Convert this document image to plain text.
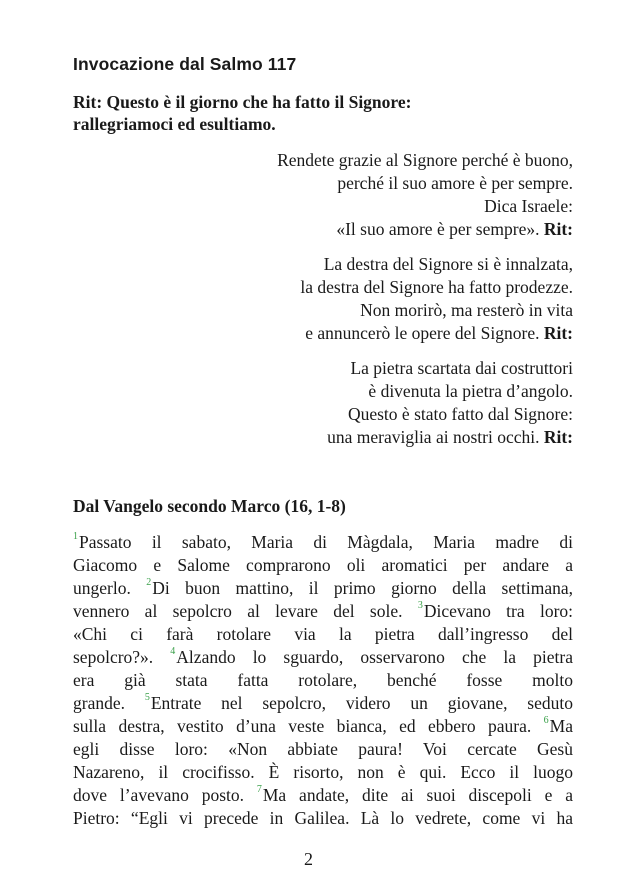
Invocazione dal Salmo 117
Rit: Questo è il giorno che ha fatto il Signore:
rallegriamoci ed esultiamo.
Rendete grazie al Signore perché è buono,
perché il suo amore è per sempre.
Dica Israele:
«Il suo amore è per sempre». Rit:
La destra del Signore si è innalzata,
la destra del Signore ha fatto prodezze.
Non morirò, ma resterò in vita
e annuncerò le opere del Signore. Rit:
La pietra scartata dai costruttori
è divenuta la pietra d’angolo.
Questo è stato fatto dal Signore:
una meraviglia ai nostri occhi. Rit:
Dal Vangelo secondo Marco (16, 1-8)
$^1$Passato il sabato, Maria di Màgdala, Maria madre di
Giacomo e Salome comprarono oli aromatici per andare a
ungerlo. $^2$Di buon mattino, il primo giorno della settimana,
vennero al sepolcro al levare del sole. $^3$Dicevano tra loro:
«Chi ci farà rotolare via la pietra dall’ingresso del
sepolcro?». $^4$Alzando lo sguardo, osservarono che la pietra
era già stata fatta rotolare, benché fosse molto
grande. $^5$Entrate nel sepolcro, videro un giovane, seduto
sulla destra, vestito d’una veste bianca, ed ebbero paura. $^6$Ma
egli disse loro: «Non abbiate paura! Voi cercate Gesù
Nazareno, il crocifisso. È risorto, non è qui. Ecco il luogo
dove l’avevano posto. $^7$Ma andate, dite ai suoi discepoli e a
Pietro: “Egli vi precede in Galilea. Là lo vedrete, come vi ha
2
